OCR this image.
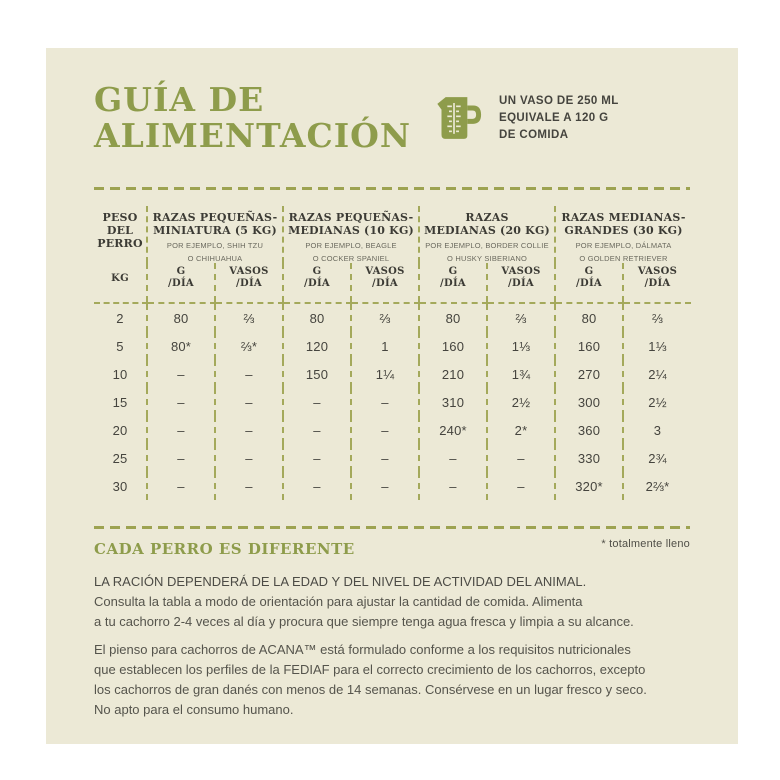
GUÍA DE
ALIMENTACIÓN
UN VASO DE 250 ML
EQUIVALE A 120 G
DE COMIDA
PESO
DEL
PERRO

RAZAS PEQUEÑAS-
MINIATURA (5 KG)
POR EJEMPLO, SHIH TZU
O CHIHUAHUA

RAZAS PEQUEÑAS-
MEDIANAS (10 KG)
POR EJEMPLO, BEAGLE
O COCKER SPANIEL

RAZAS
MEDIANAS (20 KG)
POR EJEMPLO, BORDER COLLIE
O HUSKY SIBERIANO

RAZAS MEDIANAS-
GRANDES (30 KG)
POR EJEMPLO, DÁLMATA
O GOLDEN RETRIEVER

KG

G
/DÍA

VASOS
/DÍA

G
/DÍA

VASOS
/DÍA

G
/DÍA

VASOS
/DÍA

G
/DÍA

VASOS
/DÍA

2	80	⅔	80	⅔	80	⅔	80	⅔
5	80*	⅔*	120	1	160	1⅓	160	1⅓
10	–	–	150	1¼	210	1¾	270	2¼
15	–	–	–	–	310	2½	300	2½
20	–	–	–	–	240*	2*	360	3
25	–	–	–	–	–	–	330	2¾
30	–	–	–	–	–	–	320*	2⅔*
CADA PERRO ES DIFERENTE	* totalmente lleno
LA RACIÓN DEPENDERÁ DE LA EDAD Y DEL NIVEL DE ACTIVIDAD DEL ANIMAL.
Consulta la tabla a modo de orientación para ajustar la cantidad de comida. Alimenta
a tu cachorro 2-4 veces al día y procura que siempre tenga agua fresca y limpia a su alcance.
El pienso para cachorros de ACANA™ está formulado conforme a los requisitos nutricionales
que establecen los perfiles de la FEDIAF para el correcto crecimiento de los cachorros, excepto
los cachorros de gran danés con menos de 14 semanas. Consérvese en un lugar fresco y seco.
No apto para el consumo humano.
